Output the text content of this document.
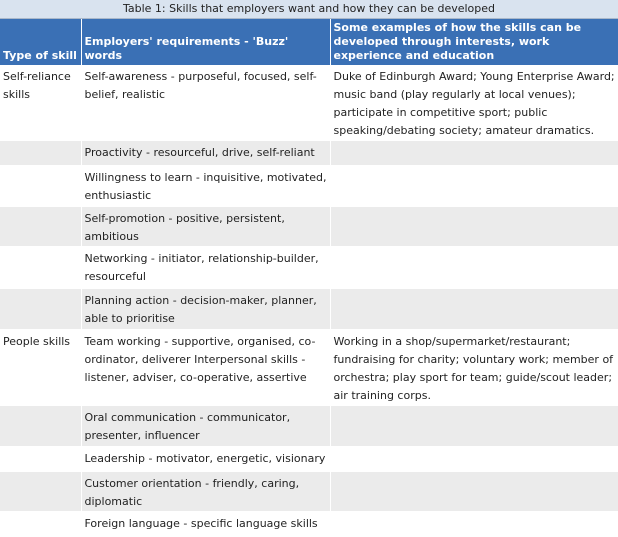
Table 1: Skills that employers want and how they can be developed
Type of skill	Employers' requirements - 'Buzz' words	Some examples of how the skills can be developed through interests, work experience and education
Self-reliance skills	Self-awareness - purposeful, focused, self-belief, realistic	Duke of Edinburgh Award; Young Enterprise Award; music band (play regularly at local venues); participate in competitive sport; public speaking/debating society; amateur dramatics.
	Proactivity - resourceful, drive, self-reliant	
	Willingness to learn - inquisitive, motivated, enthusiastic	
	Self-promotion - positive, persistent, ambitious	
	Networking - initiator, relationship-builder, resourceful	
	Planning action - decision-maker, planner, able to prioritise	
People skills	Team working - supportive, organised, co-ordinator, deliverer Interpersonal skills - listener, adviser, co-operative, assertive	Working in a shop/supermarket/restaurant; fundraising for charity; voluntary work; member of orchestra; play sport for team; guide/scout leader; air training corps.
	Oral communication - communicator, presenter, influencer	
	Leadership - motivator, energetic, visionary	
	Customer orientation - friendly, caring, diplomatic	
	Foreign language - specific language skills	
